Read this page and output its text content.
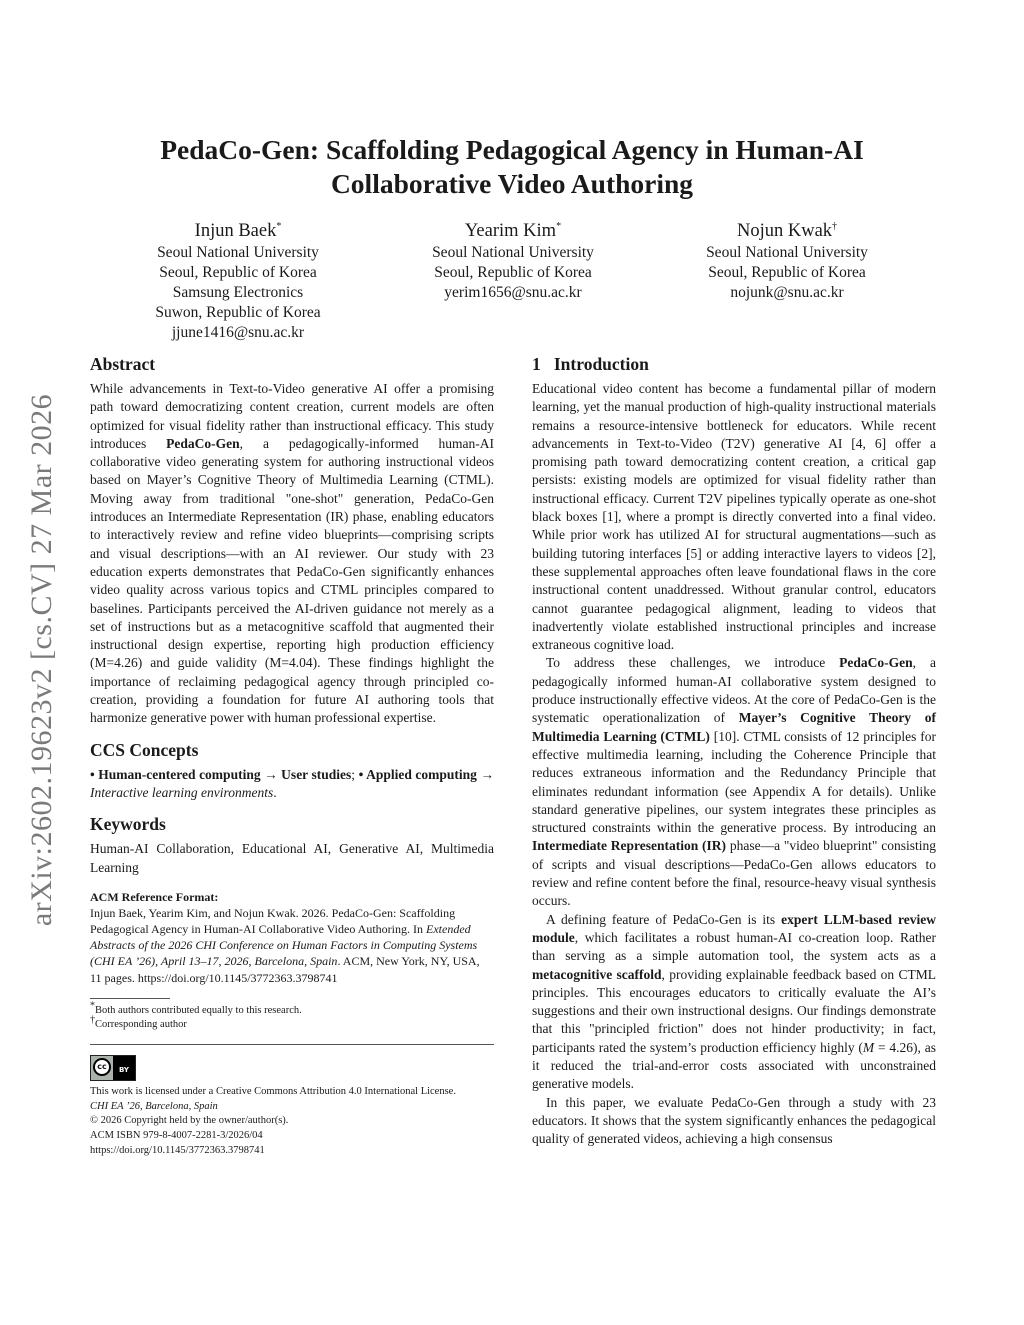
arXiv:2602.19623v2 [cs.CV] 27 Mar 2026
PedaCo-Gen: Scaffolding Pedagogical Agency in Human-AI
Collaborative Video Authoring
Injun Baek*
Seoul National University
Seoul, Republic of Korea
Samsung Electronics
Suwon, Republic of Korea
jjune1416@snu.ac.kr
Yearim Kim*
Seoul National University
Seoul, Republic of Korea
yerim1656@snu.ac.kr
Nojun Kwak†
Seoul National University
Seoul, Republic of Korea
nojunk@snu.ac.kr
Abstract

While advancements in Text-to-Video generative AI offer a promising path toward democratizing content creation, current models are often optimized for visual fidelity rather than instructional efficacy. This study introduces PedaCo-Gen, a pedagogically-informed human-AI collaborative video generating system for authoring instructional videos based on Mayer’s Cognitive Theory of Multimedia Learning (CTML). Moving away from traditional "one-shot" generation, PedaCo-Gen introduces an Intermediate Representation (IR) phase, enabling educators to interactively review and refine video blueprints—comprising scripts and visual descriptions—with an AI reviewer. Our study with 23 education experts demonstrates that PedaCo-Gen significantly enhances video quality across various topics and CTML principles compared to baselines. Participants perceived the AI-driven guidance not merely as a set of instructions but as a metacognitive scaffold that augmented their instructional design expertise, reporting high production efficiency (M=4.26) and guide validity (M=4.04). These findings highlight the importance of reclaiming pedagogical agency through principled co-creation, providing a foundation for future AI authoring tools that harmonize generative power with human professional expertise.

CCS Concepts

• Human-centered computing → User studies; • Applied computing → Interactive learning environments.

Keywords

Human-AI Collaboration, Educational AI, Generative AI, Multimedia Learning

ACM Reference Format:

Injun Baek, Yearim Kim, and Nojun Kwak. 2026. PedaCo-Gen: Scaffolding Pedagogical Agency in Human-AI Collaborative Video Authoring. In Extended Abstracts of the 2026 CHI Conference on Human Factors in Computing Systems (CHI EA ’26), April 13–17, 2026, Barcelona, Spain. ACM, New York, NY, USA, 11 pages. https://doi.org/10.1145/3772363.3798741

*Both authors contributed equally to this research.
†Corresponding author
cc	BY
This work is licensed under a Creative Commons Attribution 4.0 International License.
CHI EA ’26, Barcelona, Spain
© 2026 Copyright held by the owner/author(s).
ACM ISBN 979-8-4007-2281-3/2026/04
https://doi.org/10.1145/3772363.3798741
1   Introduction

Educational video content has become a fundamental pillar of modern learning, yet the manual production of high-quality instructional materials remains a resource-intensive bottleneck for educators. While recent advancements in Text-to-Video (T2V) generative AI [4, 6] offer a promising path toward democratizing content creation, a critical gap persists: existing models are optimized for visual fidelity rather than instructional efficacy. Current T2V pipelines typically operate as one-shot black boxes [1], where a prompt is directly converted into a final video. While prior work has utilized AI for structural augmentations—such as building tutoring interfaces [5] or adding interactive layers to videos [2], these supplemental approaches often leave foundational flaws in the core instructional content unaddressed. Without granular control, educators cannot guarantee pedagogical alignment, leading to videos that inadvertently violate established instructional principles and increase extraneous cognitive load.

To address these challenges, we introduce PedaCo-Gen, a pedagogically informed human-AI collaborative system designed to produce instructionally effective videos. At the core of PedaCo-Gen is the systematic operationalization of Mayer’s Cognitive Theory of Multimedia Learning (CTML) [10]. CTML consists of 12 principles for effective multimedia learning, including the Coherence Principle that reduces extraneous information and the Redundancy Principle that eliminates redundant information (see Appendix A for details). Unlike standard generative pipelines, our system integrates these principles as structured constraints within the generative process. By introducing an Intermediate Representation (IR) phase—a "video blueprint" consisting of scripts and visual descriptions—PedaCo-Gen allows educators to review and refine content before the final, resource-heavy visual synthesis occurs.

A defining feature of PedaCo-Gen is its expert LLM-based review module, which facilitates a robust human-AI co-creation loop. Rather than serving as a simple automation tool, the system acts as a metacognitive scaffold, providing explainable feedback based on CTML principles. This encourages educators to critically evaluate the AI’s suggestions and their own instructional designs. Our findings demonstrate that this "principled friction" does not hinder productivity; in fact, participants rated the system’s production efficiency highly (M = 4.26), as it reduced the trial-and-error costs associated with unconstrained generative models.

In this paper, we evaluate PedaCo-Gen through a study with 23 educators. It shows that the system significantly enhances the pedagogical quality of generated videos, achieving a high consensus
